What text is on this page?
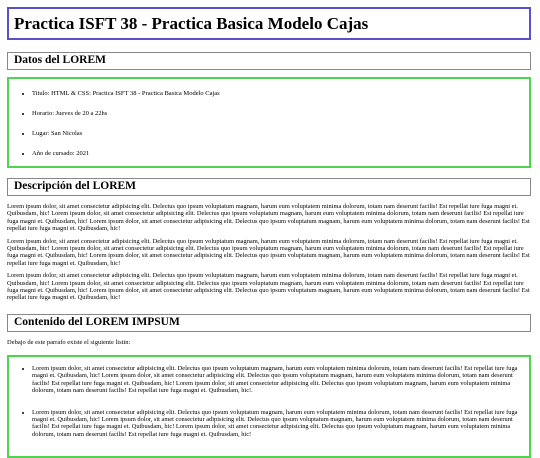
Practica ISFT 38 - Practica Basica Modelo Cajas
Datos del LOREM
• Titulo: HTML & CSS: Practica ISFT 38 - Practica Basica Modelo Cajas
• Horario: Jueves de 20 a 22hs
• Lugar: San Nicolas
• Año de cursado: 2021
Descripción del LOREM

Lorem ipsum dolor, sit amet consectetur adipisicing elit. Delectus quo ipsum voluptatum magnam, harum eum voluptatem minima dolorum, totam nam deserunt facilis! Est repellat iure fuga magni et. Quibusdam, hic! Lorem ipsum dolor, sit amet consectetur adipisicing elit. Delectus quo ipsum voluptatum magnam, harum eum voluptatem minima dolorum, totam nam deserunt facilis! Est repellat iure fuga magni et. Quibusdam, hic! Lorem ipsum dolor, sit amet consectetur adipisicing elit. Delectus quo ipsum voluptatum magnam, harum eum voluptatem minima dolorum, totam nam deserunt facilis! Est repellat iure fuga magni et. Quibusdam, hic!

Lorem ipsum dolor, sit amet consectetur adipisicing elit. Delectus quo ipsum voluptatum magnam, harum eum voluptatem minima dolorum, totam nam deserunt facilis! Est repellat iure fuga magni et. Quibusdam, hic! Lorem ipsum dolor, sit amet consectetur adipisicing elit. Delectus quo ipsum voluptatum magnam, harum eum voluptatem minima dolorum, totam nam deserunt facilis! Est repellat iure fuga magni et. Quibusdam, hic! Lorem ipsum dolor, sit amet consectetur adipisicing elit. Delectus quo ipsum voluptatum magnam, harum eum voluptatem minima dolorum, totam nam deserunt facilis! Est repellat iure fuga magni et. Quibusdam, hic!

Lorem ipsum dolor, sit amet consectetur adipisicing elit. Delectus quo ipsum voluptatum magnam, harum eum voluptatem minima dolorum, totam nam deserunt facilis! Est repellat iure fuga magni et. Quibusdam, hic! Lorem ipsum dolor, sit amet consectetur adipisicing elit. Delectus quo ipsum voluptatum magnam, harum eum voluptatem minima dolorum, totam nam deserunt facilis! Est repellat iure fuga magni et. Quibusdam, hic! Lorem ipsum dolor, sit amet consectetur adipisicing elit. Delectus quo ipsum voluptatum magnam, harum eum voluptatem minima dolorum, totam nam deserunt facilis! Est repellat iure fuga magni et. Quibusdam, hic!

Contenido del LOREM IMPSUM

Debajo de este parrafo existe el siguiente listin:

• Lorem ipsum dolor, sit amet consectetur adipisicing elit. Delectus quo ipsum voluptatum magnam, harum eum voluptatem minima dolorum, totam nam deserunt facilis! Est repellat iure fuga magni et. Quibusdam, hic! Lorem ipsum dolor, sit amet consectetur adipisicing elit. Delectus quo ipsum voluptatum magnam, harum eum voluptatem minima dolorum, totam nam deserunt facilis! Est repellat iure fuga magni et. Quibusdam, hic! Lorem ipsum dolor, sit amet consectetur adipisicing elit. Delectus quo ipsum voluptatum magnam, harum eum voluptatem minima dolorum, totam nam deserunt facilis! Est repellat iure fuga magni et. Quibusdam, hic!.
• Lorem ipsum dolor, sit amet consectetur adipisicing elit. Delectus quo ipsum voluptatum magnam, harum eum voluptatem minima dolorum, totam nam deserunt facilis! Est repellat iure fuga magni et. Quibusdam, hic! Lorem ipsum dolor, sit amet consectetur adipisicing elit. Delectus quo ipsum voluptatum magnam, harum eum voluptatem minima dolorum, totam nam deserunt facilis! Est repellat iure fuga magni et. Quibusdam, hic! Lorem ipsum dolor, sit amet consectetur adipisicing elit. Delectus quo ipsum voluptatum magnam, harum eum voluptatem minima dolorum, totam nam deserunt facilis! Est repellat iure fuga magni et. Quibusdam, hic!
